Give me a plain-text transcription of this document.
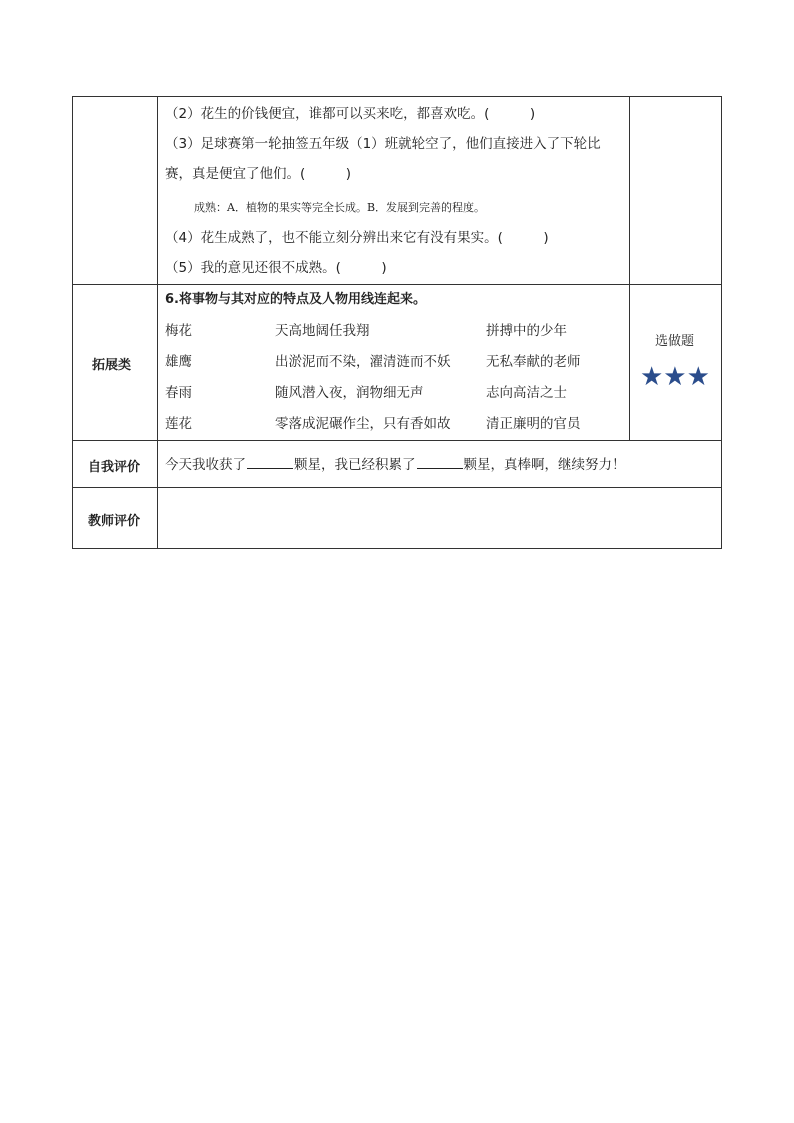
（2）花生的价钱便宜，谁都可以买来吃，都喜欢吃。(　　　)
（3）足球赛第一轮抽签五年级（1）班就轮空了，他们直接进入了下轮比
赛，真是便宜了他们。(　　　)
成熟：A．植物的果实等完全长成。B．发展到完善的程度。
（4）花生成熟了，也不能立刻分辨出来它有没有果实。(　　　)
（5）我的意见还很不成熟。(　　　)
拓展类
6.将事物与其对应的特点及人物用线连起来。
梅花
雄鹰
春雨
莲花
天高地阔任我翔
出淤泥而不染，濯清涟而不妖
随风潜入夜，润物细无声
零落成泥碾作尘，只有香如故
拼搏中的少年
无私奉献的老师
志向高洁之士
清正廉明的官员
选做题
★★★
自我评价 今天我收获了	颗星，我已经积累了	颗星，真棒啊，继续努力！
教师评价
